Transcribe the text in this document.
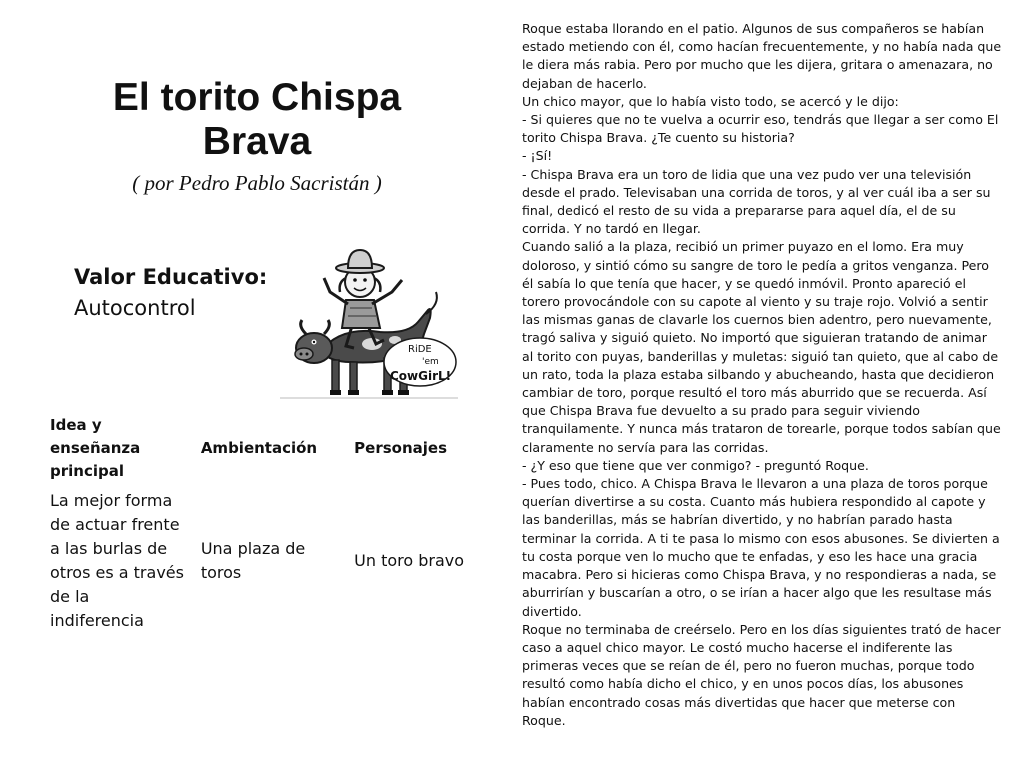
El torito Chispa Brava
( por Pedro Pablo Sacristán )
Valor Educativo:
Autocontrol
RiDE
'em
CowGirL!
Idea y enseñanza principal	Ambientación	Personajes
La mejor forma de actuar frente a las burlas de otros es a través de la indiferencia	Una plaza de toros	Un toro bravo

Roque estaba llorando en el patio. Algunos de sus compañeros se habían estado metiendo con él, como hacían frecuentemente, y no había nada que le diera más rabia. Pero por mucho que les dijera, gritara o amenazara, no dejaban de hacerlo.

Un chico mayor, que lo había visto todo, se acercó y le dijo:

- Si quieres que no te vuelva a ocurrir eso, tendrás que llegar a ser como El torito Chispa Brava. ¿Te cuento su historia?

- ¡Sí!

- Chispa Brava era un toro de lidia que una vez pudo ver una televisión desde el prado. Televisaban una corrida de toros, y al ver cuál iba a ser su final, dedicó el resto de su vida a prepararse para aquel día, el de su corrida. Y no tardó en llegar.

Cuando salió a la plaza, recibió un primer puyazo en el lomo. Era muy doloroso, y sintió cómo su sangre de toro le pedía a gritos venganza. Pero él sabía lo que tenía que hacer, y se quedó inmóvil. Pronto apareció el torero provocándole con su capote al viento y su traje rojo. Volvió a sentir las mismas ganas de clavarle los cuernos bien adentro, pero nuevamente, tragó saliva y siguió quieto. No importó que siguieran tratando de animar al torito con puyas, banderillas y muletas: siguió tan quieto, que al cabo de un rato, toda la plaza estaba silbando y abucheando, hasta que decidieron cambiar de toro, porque resultó el toro más aburrido que se recuerda. Así que Chispa Brava fue devuelto a su prado para seguir viviendo tranquilamente. Y nunca más trataron de torearle, porque todos sabían que claramente no servía para las corridas.

- ¿Y eso que tiene que ver conmigo? - preguntó Roque.

- Pues todo, chico. A Chispa Brava le llevaron a una plaza de toros porque querían divertirse a su costa. Cuanto más hubiera respondido al capote y las banderillas, más se habrían divertido, y no habrían parado hasta terminar la corrida. A ti te pasa lo mismo con esos abusones. Se divierten a tu costa porque ven lo mucho que te enfadas, y eso les hace una gracia macabra. Pero si hicieras como Chispa Brava, y no respondieras a nada, se aburrirían y buscarían a otro, o se irían a hacer algo que les resultase más divertido.

Roque no terminaba de creérselo. Pero en los días siguientes trató de hacer caso a aquel chico mayor. Le costó mucho hacerse el indiferente las primeras veces que se reían de él, pero no fueron muchas, porque todo resultó como había dicho el chico, y en unos pocos días, los abusones habían encontrado cosas más divertidas que hacer que meterse con Roque.
